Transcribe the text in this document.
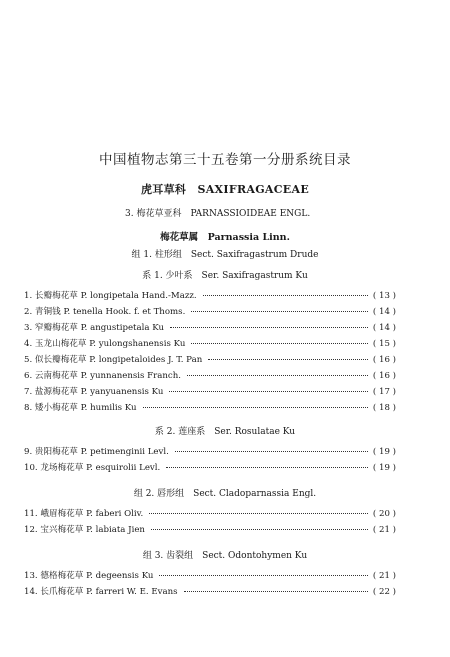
中国植物志第三十五卷第一分册系统目录
虎耳草科　SAXIFRAGACEAE
3. 梅花草亚科　PARNASSIOIDEAE ENGL.
梅花草属　Parnassia Linn.
组 1. 柱形组　Sect. Saxifragastrum Drude
系 1. 少叶系　Ser. Saxifragastrum Ku
1. 长瓣梅花草 P. longipetala Hand.-Mazz.	( 13 )
2. 青铜钱 P. tenella Hook. f. et Thoms.	( 14 )
3. 窄瓣梅花草 P. angustipetala Ku	( 14 )
4. 玉龙山梅花草 P. yulongshanensis Ku	( 15 )
5. 似长瓣梅花草 P. longipetaloides J. T. Pan	( 16 )
6. 云南梅花草 P. yunnanensis Franch.	( 16 )
7. 盐源梅花草 P. yanyuanensis Ku	( 17 )
8. 矮小梅花草 P. humilis Ku	( 18 )
系 2. 莲座系　Ser. Rosulatae Ku
9. 贵阳梅花草 P. petimenginii Levl.	( 19 )
10. 龙场梅花草 P. esquirolii Levl.	( 19 )
组 2. 唇形组　Sect. Cladoparnassia Engl.
11. 峨眉梅花草 P. faberi Oliv.	( 20 )
12. 宝兴梅花草 P. labiata Jien	( 21 )
组 3. 齿裂组　Sect. Odontohymen Ku
13. 德格梅花草 P. degeensis Ku	( 21 )
14. 长爪梅花草 P. farreri W. E. Evans	( 22 )
